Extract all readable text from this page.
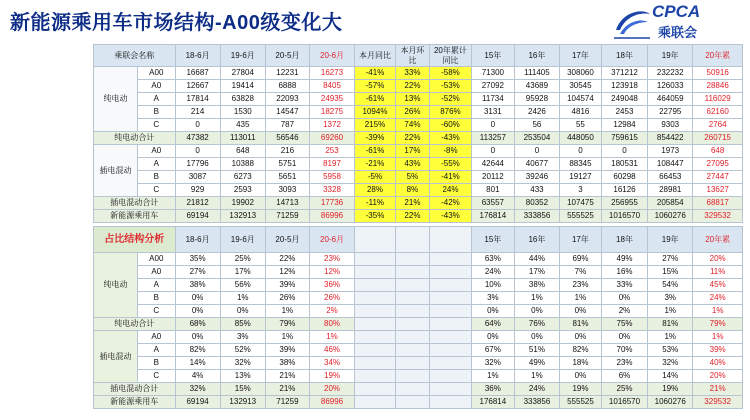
新能源乘用车市场结构-A00级变化大
CPCA
乘联会
乘联会名称		18-6月	19-6月	20-5月	20-6月	本月同比	本月环比	20年累计同比	15年	16年	17年	18年	19年	20年累
纯电动	A00	16687	27804	12231	16273	-41%	33%	-58%	71300	111405	308060	371212	232232	50916
	A0	12667	19414	6888	8405	-57%	22%	-53%	27092	43689	30545	123918	126033	28846
	A	17814	63828	22093	24935	-61%	13%	-52%	11734	95928	104574	249048	464059	116029
	B	214	1530	14547	18275	1094%	26%	876%	3131	2426	4816	2453	22795	62160
	C	0	435	787	1372	215%	74%	-60%	0	56	55	12984	9303	2764
纯电动合计		47382	113011	56546	69260	-39%	22%	-43%	113257	253504	448050	759615	854422	260715
插电混动	A0	0	648	216	253	-61%	17%	-8%	0	0	0	0	1973	648
	A	17796	10388	5751	8197	-21%	43%	-55%	42644	40677	88345	180531	108447	27095
	B	3087	6273	5651	5958	-5%	5%	-41%	20112	39246	19127	60298	66453	27447
	C	929	2593	3093	3328	28%	8%	24%	801	433	3	16126	28981	13627
插电混动合计		21812	19902	14713	17736	-11%	21%	-42%	63557	80352	107475	256955	205854	68817
新能源乘用车		69194	132913	71259	86996	-35%	22%	-43%	176814	333856	555525	1016570	1060276	329532
占比结构分析		18-6月	19-6月	20-5月	20-6月				15年	16年	17年	18年	19年	20年累
纯电动	A00	35%	25%	22%	23%				63%	44%	69%	49%	27%	20%
	A0	27%	17%	12%	12%				24%	17%	7%	16%	15%	11%
	A	38%	56%	39%	36%				10%	38%	23%	33%	54%	45%
	B	0%	1%	26%	26%				3%	1%	1%	0%	3%	24%
	C	0%	0%	1%	2%				0%	0%	0%	2%	1%	1%
纯电动合计		68%	85%	79%	80%				64%	76%	81%	75%	81%	79%
插电混动	A0	0%	3%	1%	1%				0%	0%	0%	0%	1%	1%
	A	82%	52%	39%	46%				67%	51%	82%	70%	53%	39%
	B	14%	32%	38%	34%				32%	49%	18%	23%	32%	40%
	C	4%	13%	21%	19%				1%	1%	0%	6%	14%	20%
插电混动合计		32%	15%	21%	20%				36%	24%	19%	25%	19%	21%
新能源乘用车		69194	132913	71259	86996				176814	333856	555525	1016570	1060276	329532
